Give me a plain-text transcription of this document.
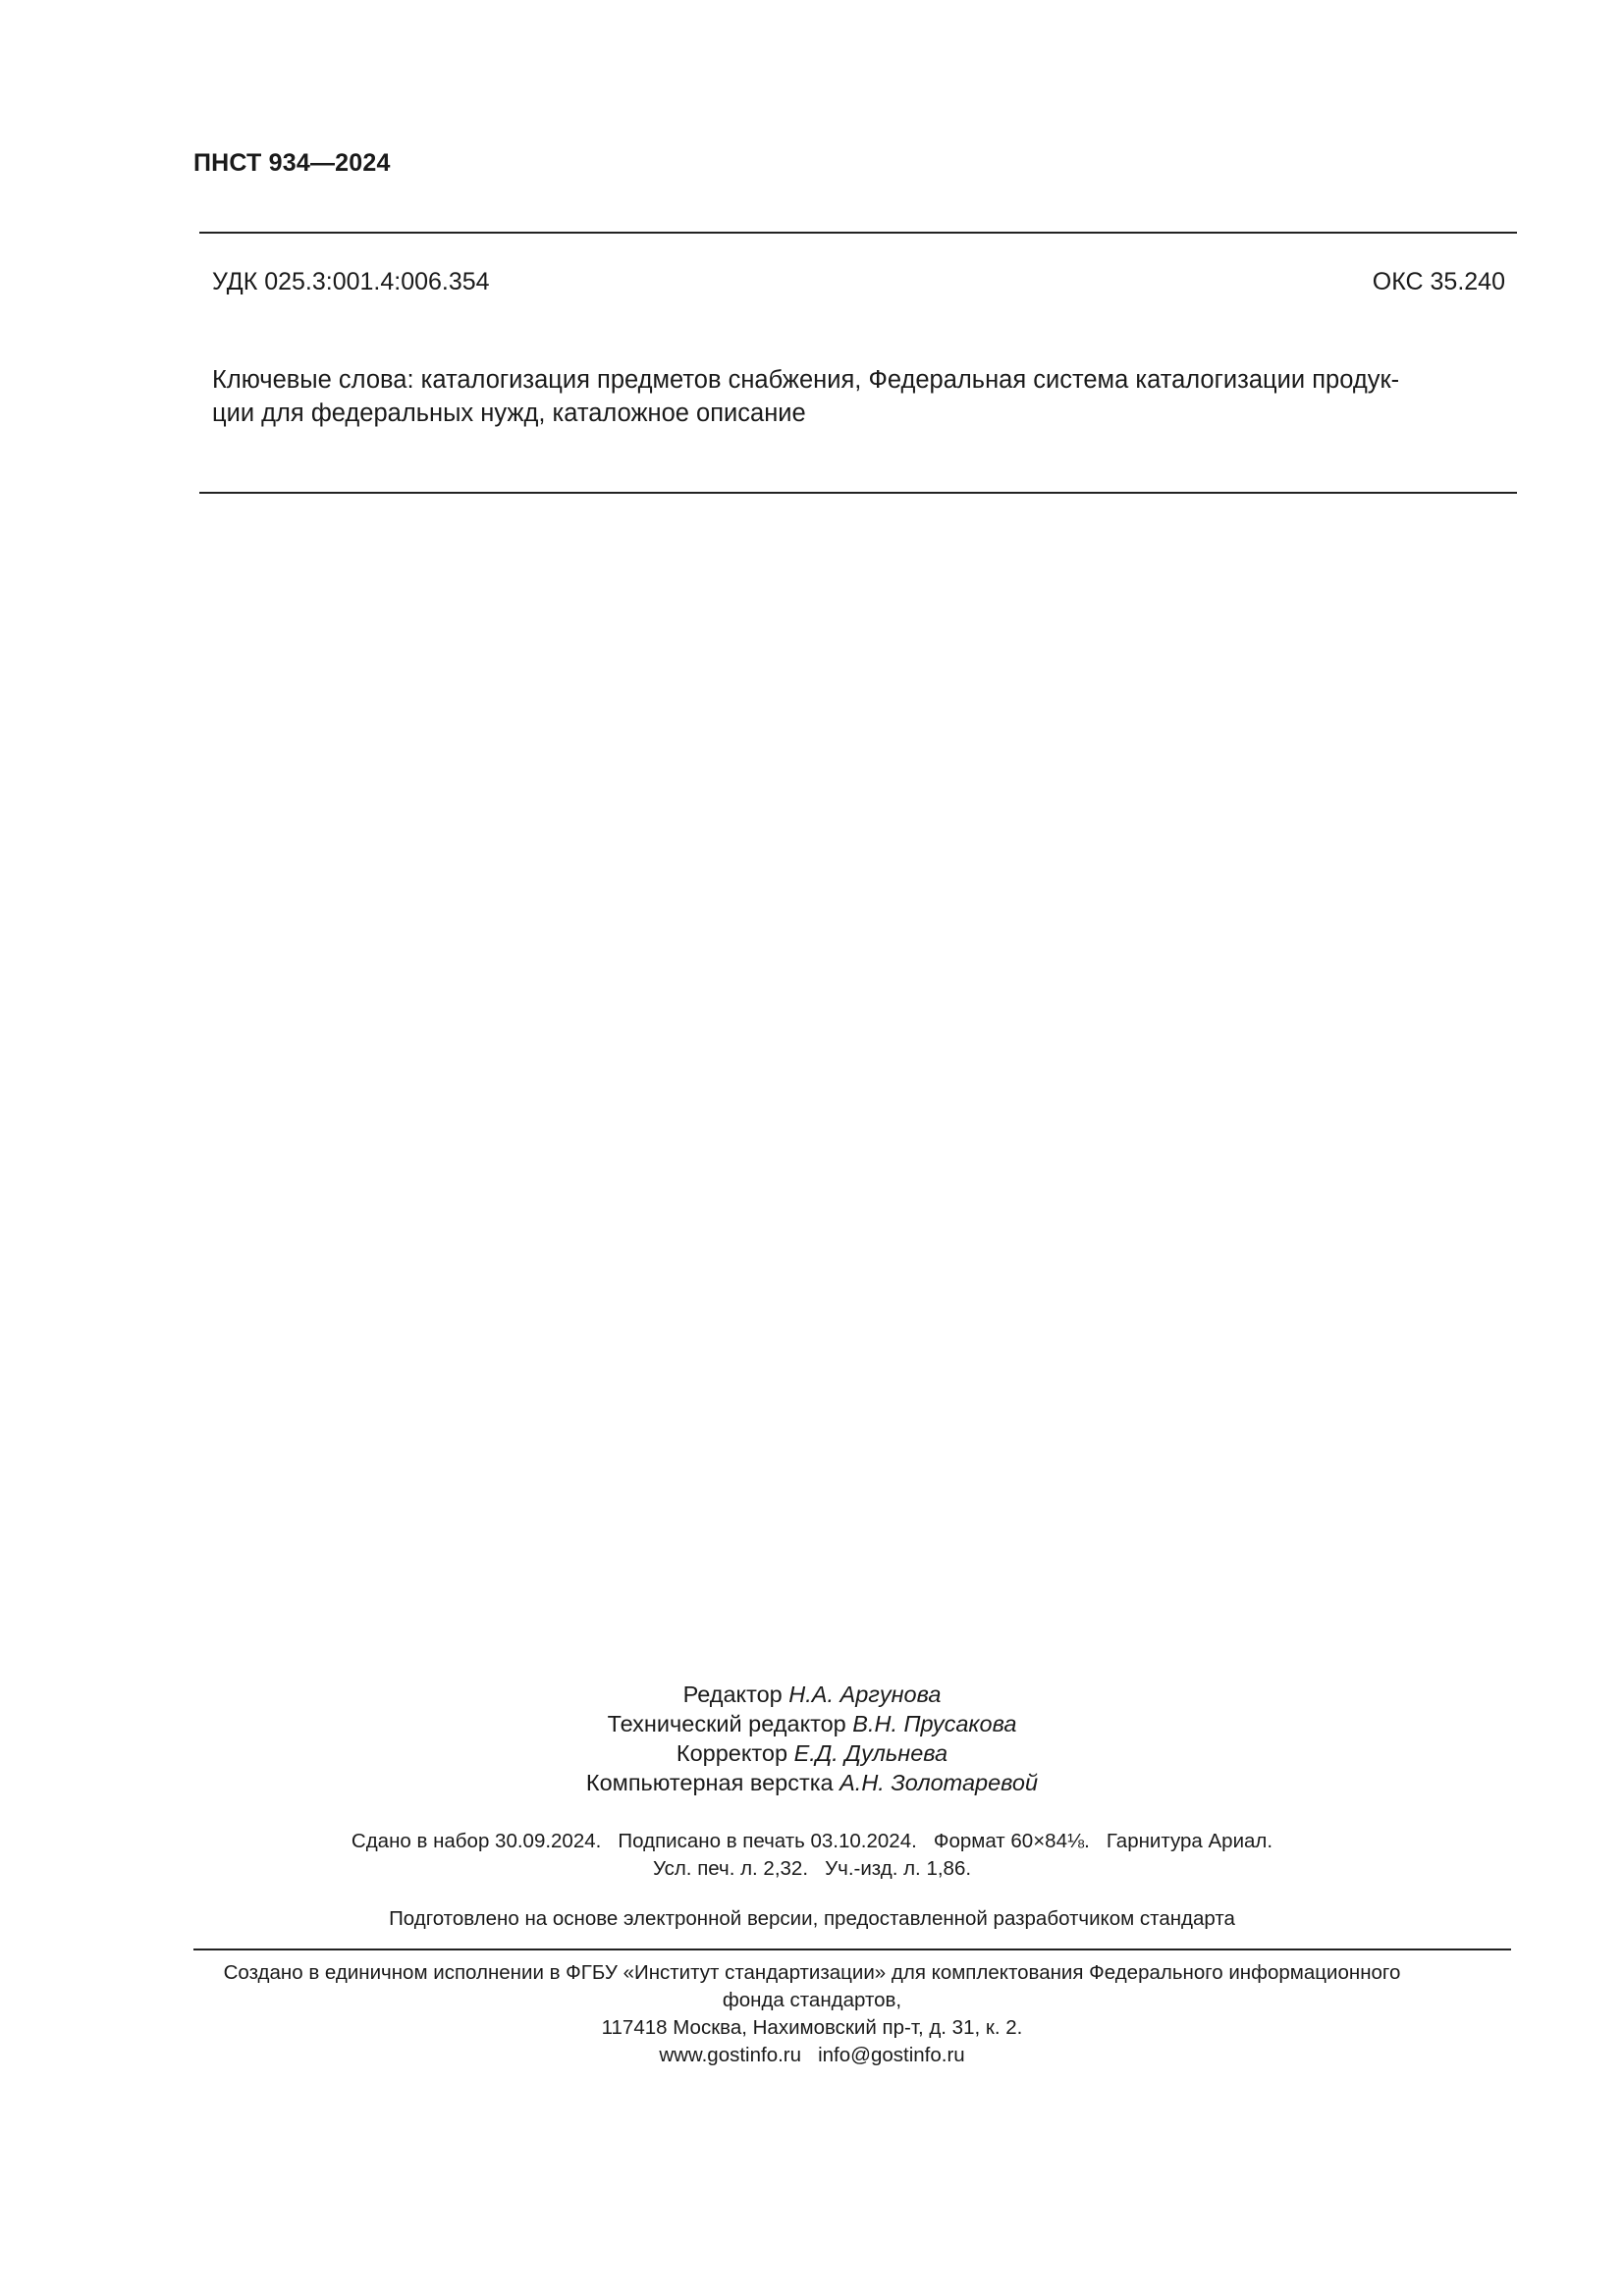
ПНСТ 934—2024
УДК 025.3:001.4:006.354	ОКС 35.240
Ключевые слова: каталогизация предметов снабжения, Федеральная система каталогизации продук-
ции для федеральных нужд, каталожное описание
Редактор Н.А. Аргунова
Технический редактор В.Н. Прусакова
Корректор Е.Д. Дульнева
Компьютерная верстка А.Н. Золотаревой
Сдано в набор 30.09.2024.   Подписано в печать 03.10.2024.   Формат 60×84⅛.   Гарнитура Ариал.
Усл. печ. л. 2,32.   Уч.-изд. л. 1,86.
Подготовлено на основе электронной версии, предоставленной разработчиком стандарта
Создано в единичном исполнении в ФГБУ «Институт стандартизации» для комплектования Федерального информационного
фонда стандартов,
117418 Москва, Нахимовский пр-т, д. 31, к. 2.
www.gostinfo.ru   info@gostinfo.ru
